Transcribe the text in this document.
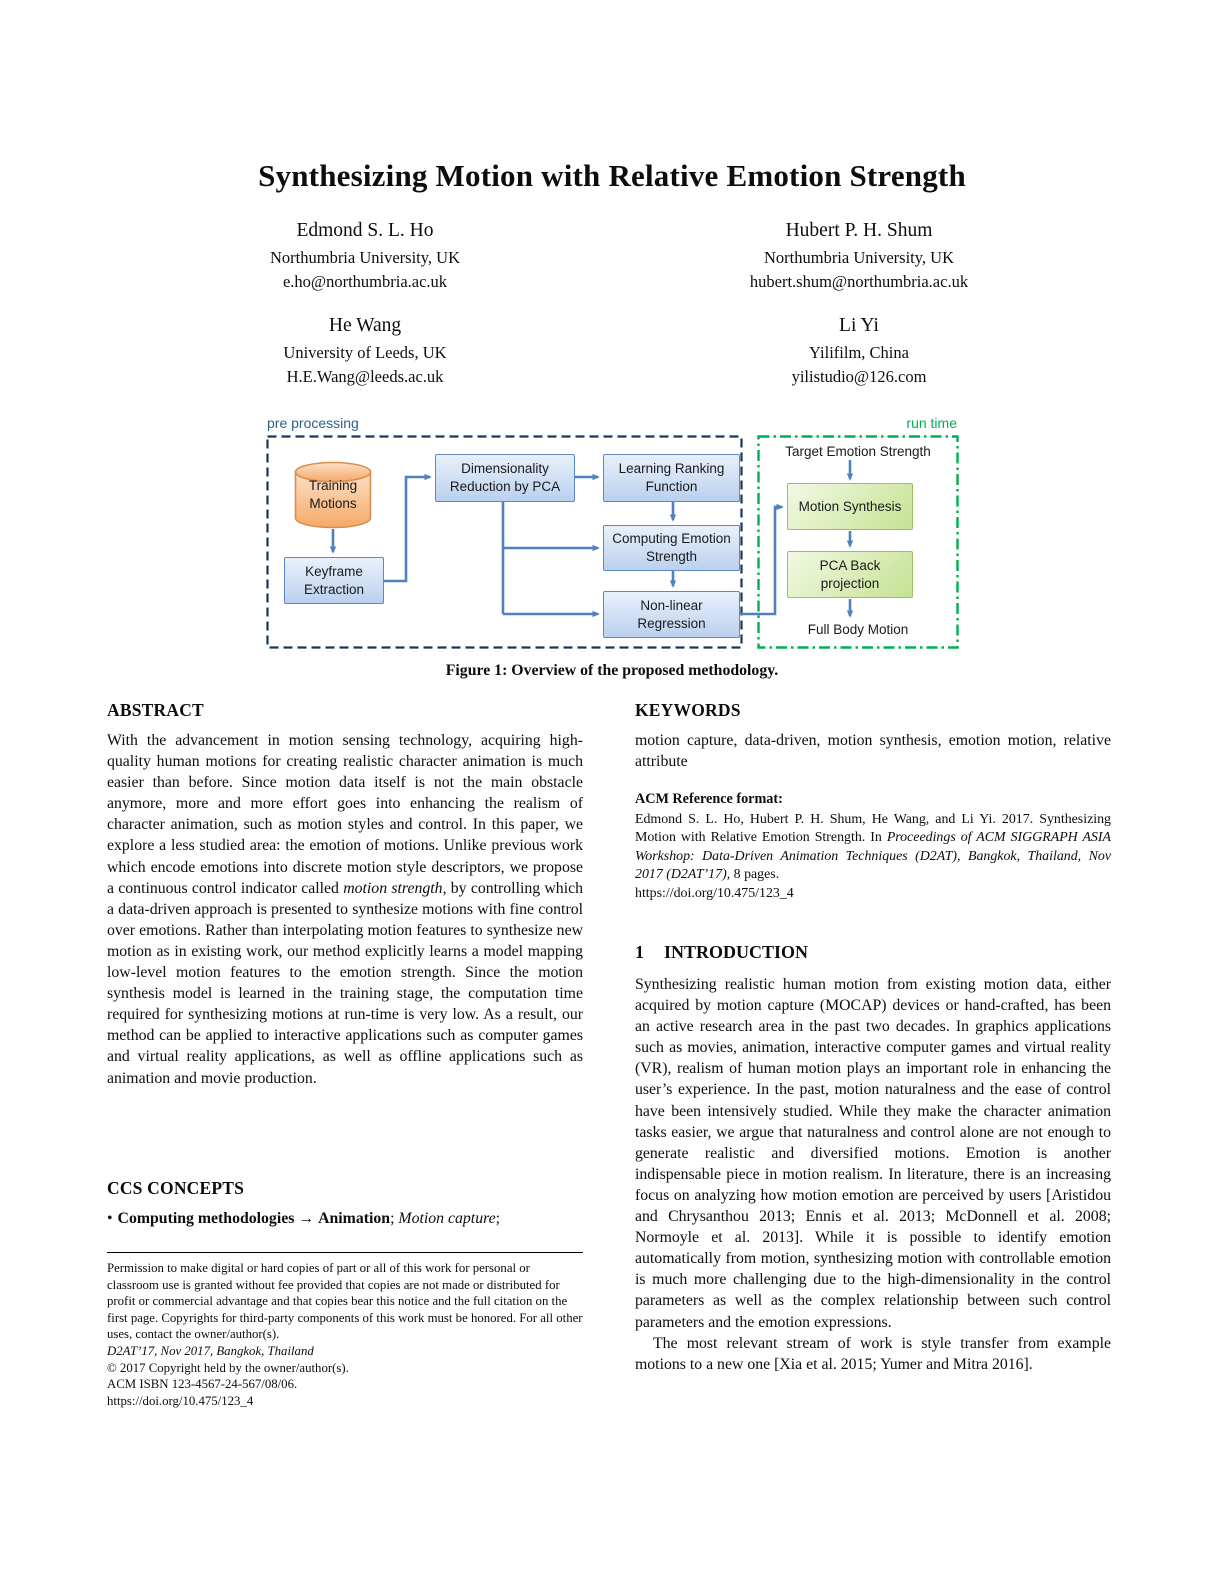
Synthesizing Motion with Relative Emotion Strength
Edmond S. L. Ho
Northumbria University, UK
e.ho@northumbria.ac.uk
He Wang
University of Leeds, UK
H.E.Wang@leeds.ac.uk
Hubert P. H. Shum
Northumbria University, UK
hubert.shum@northumbria.ac.uk
Li Yi
Yilifilm, China
yilistudio@126.com
pre processing	run time
Training Motions
Keyframe Extraction
Dimensionality Reduction by PCA
Learning Ranking Function
Computing Emotion Strength
Non-linear Regression
Target Emotion Strength
Motion Synthesis
PCA Back projection
Full Body Motion
Figure 1: Overview of the proposed methodology.
ABSTRACT

With the advancement in motion sensing technology, acquiring high-quality human motions for creating realistic character animation is much easier than before. Since motion data itself is not the main obstacle anymore, more and more effort goes into enhancing the realism of character animation, such as motion styles and control. In this paper, we explore a less studied area: the emotion of motions. Unlike previous work which encode emotions into discrete motion style descriptors, we propose a continuous control indicator called motion strength, by controlling which a data-driven approach is presented to synthesize motions with fine control over emotions. Rather than interpolating motion features to synthesize new motion as in existing work, our method explicitly learns a model mapping low-level motion features to the emotion strength. Since the motion synthesis model is learned in the training stage, the computation time required for synthesizing motions at run-time is very low. As a result, our method can be applied to interactive applications such as computer games and virtual reality applications, as well as offline applications such as animation and movie production.

CCS CONCEPTS

• Computing methodologies → Animation; Motion capture;

Permission to make digital or hard copies of part or all of this work for personal or classroom use is granted without fee provided that copies are not made or distributed for profit or commercial advantage and that copies bear this notice and the full citation on the first page. Copyrights for third-party components of this work must be honored. For all other uses, contact the owner/author(s).
D2AT’17, Nov 2017, Bangkok, Thailand
© 2017 Copyright held by the owner/author(s).
ACM ISBN 123-4567-24-567/08/06.
https://doi.org/10.475/123_4
KEYWORDS

motion capture, data-driven, motion synthesis, emotion motion, relative attribute

ACM Reference format:
Edmond S. L. Ho, Hubert P. H. Shum, He Wang, and Li Yi. 2017. Synthesizing Motion with Relative Emotion Strength. In Proceedings of ACM SIGGRAPH ASIA Workshop: Data-Driven Animation Techniques (D2AT), Bangkok, Thailand, Nov 2017 (D2AT’17), 8 pages.
https://doi.org/10.475/123_4
1 INTRODUCTION

Synthesizing realistic human motion from existing motion data, either acquired by motion capture (MOCAP) devices or hand-crafted, has been an active research area in the past two decades. In graphics applications such as movies, animation, interactive computer games and virtual reality (VR), realism of human motion plays an important role in enhancing the user’s experience. In the past, motion naturalness and the ease of control have been intensively studied. While they make the character animation tasks easier, we argue that naturalness and control alone are not enough to generate realistic and diversified motions. Emotion is another indispensable piece in motion realism. In literature, there is an increasing focus on analyzing how motion emotion are perceived by users [Aristidou and Chrysanthou 2013; Ennis et al. 2013; McDonnell et al. 2008; Normoyle et al. 2013]. While it is possible to identify emotion automatically from motion, synthesizing motion with controllable emotion is much more challenging due to the high-dimensionality in the control parameters as well as the complex relationship between such control parameters and the emotion expressions.

The most relevant stream of work is style transfer from example motions to a new one [Xia et al. 2015; Yumer and Mitra 2016].
